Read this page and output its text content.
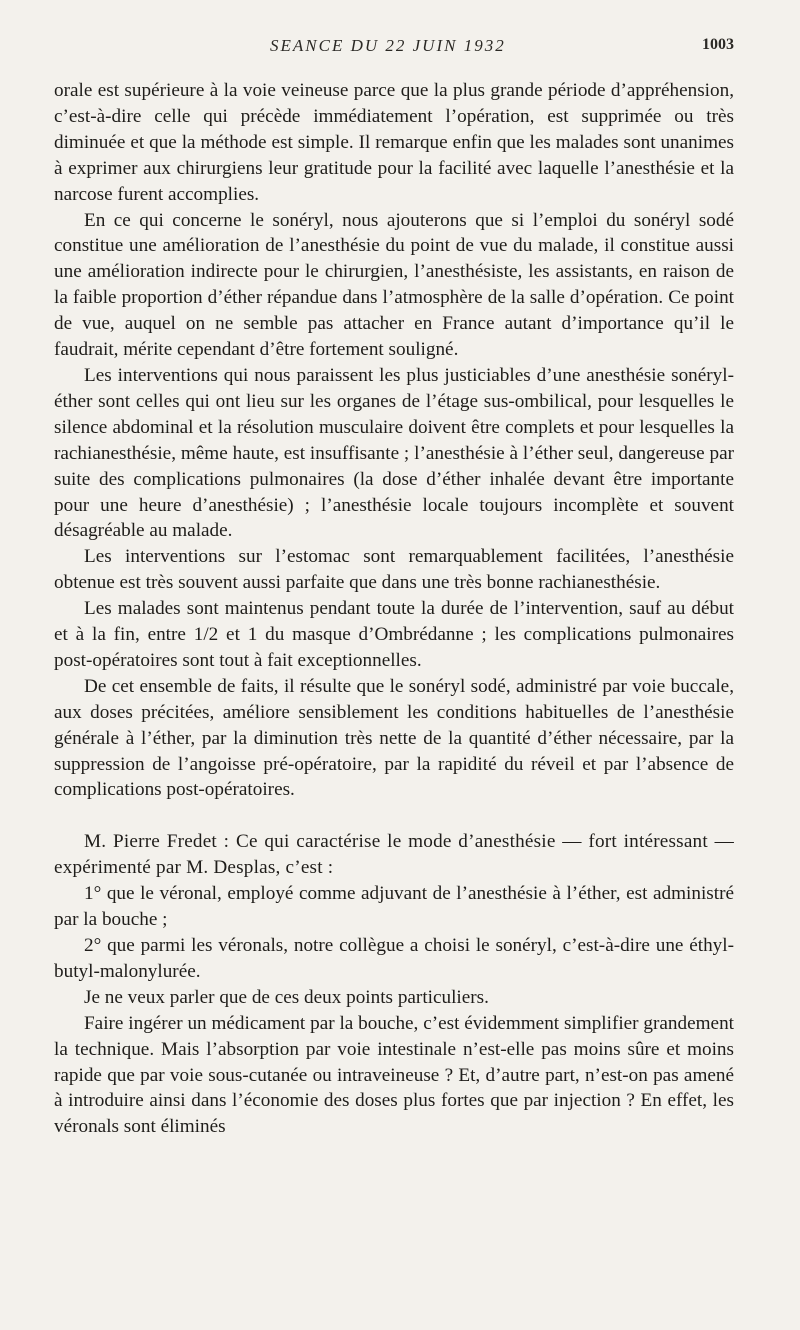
SEANCE DU 22 JUIN 1932	1003

orale est supérieure à la voie veineuse parce que la plus grande période d’appréhension, c’est-à-dire celle qui précède immédiatement l’opération, est supprimée ou très diminuée et que la méthode est simple. Il remarque enfin que les malades sont unanimes à exprimer aux chirurgiens leur gratitude pour la facilité avec laquelle l’anesthésie et la narcose furent accomplies.

En ce qui concerne le sonéryl, nous ajouterons que si l’emploi du sonéryl sodé constitue une amélioration de l’anesthésie du point de vue du malade, il constitue aussi une amélioration indirecte pour le chirurgien, l’anesthésiste, les assistants, en raison de la faible proportion d’éther répandue dans l’atmosphère de la salle d’opération. Ce point de vue, auquel on ne semble pas attacher en France autant d’importance qu’il le faudrait, mérite cependant d’être fortement souligné.

Les interventions qui nous paraissent les plus justiciables d’une anesthésie sonéryl-éther sont celles qui ont lieu sur les organes de l’étage sus-ombilical, pour lesquelles le silence abdominal et la résolution musculaire doivent être complets et pour lesquelles la rachianesthésie, même haute, est insuffisante ; l’anesthésie à l’éther seul, dangereuse par suite des complications pulmonaires (la dose d’éther inhalée devant être importante pour une heure d’anesthésie) ; l’anesthésie locale toujours incomplète et souvent désagréable au malade.

Les interventions sur l’estomac sont remarquablement facilitées, l’anesthésie obtenue est très souvent aussi parfaite que dans une très bonne rachianesthésie.

Les malades sont maintenus pendant toute la durée de l’intervention, sauf au début et à la fin, entre 1/2 et 1 du masque d’Ombrédanne ; les complications pulmonaires post-opératoires sont tout à fait exceptionnelles.

De cet ensemble de faits, il résulte que le sonéryl sodé, administré par voie buccale, aux doses précitées, améliore sensiblement les conditions habituelles de l’anesthésie générale à l’éther, par la diminution très nette de la quantité d’éther nécessaire, par la suppression de l’angoisse pré-opératoire, par la rapidité du réveil et par l’absence de complications post-opératoires.

M. Pierre Fredet : Ce qui caractérise le mode d’anesthésie — fort intéressant — expérimenté par M. Desplas, c’est :

1° que le véronal, employé comme adjuvant de l’anesthésie à l’éther, est administré par la bouche ;

2° que parmi les véronals, notre collègue a choisi le sonéryl, c’est-à-dire une éthyl-butyl-malonylurée.

Je ne veux parler que de ces deux points particuliers.

Faire ingérer un médicament par la bouche, c’est évidemment simplifier grandement la technique. Mais l’absorption par voie intestinale n’est-elle pas moins sûre et moins rapide que par voie sous-cutanée ou intraveineuse ? Et, d’autre part, n’est-on pas amené à introduire ainsi dans l’économie des doses plus fortes que par injection ? En effet, les véronals sont éliminés
